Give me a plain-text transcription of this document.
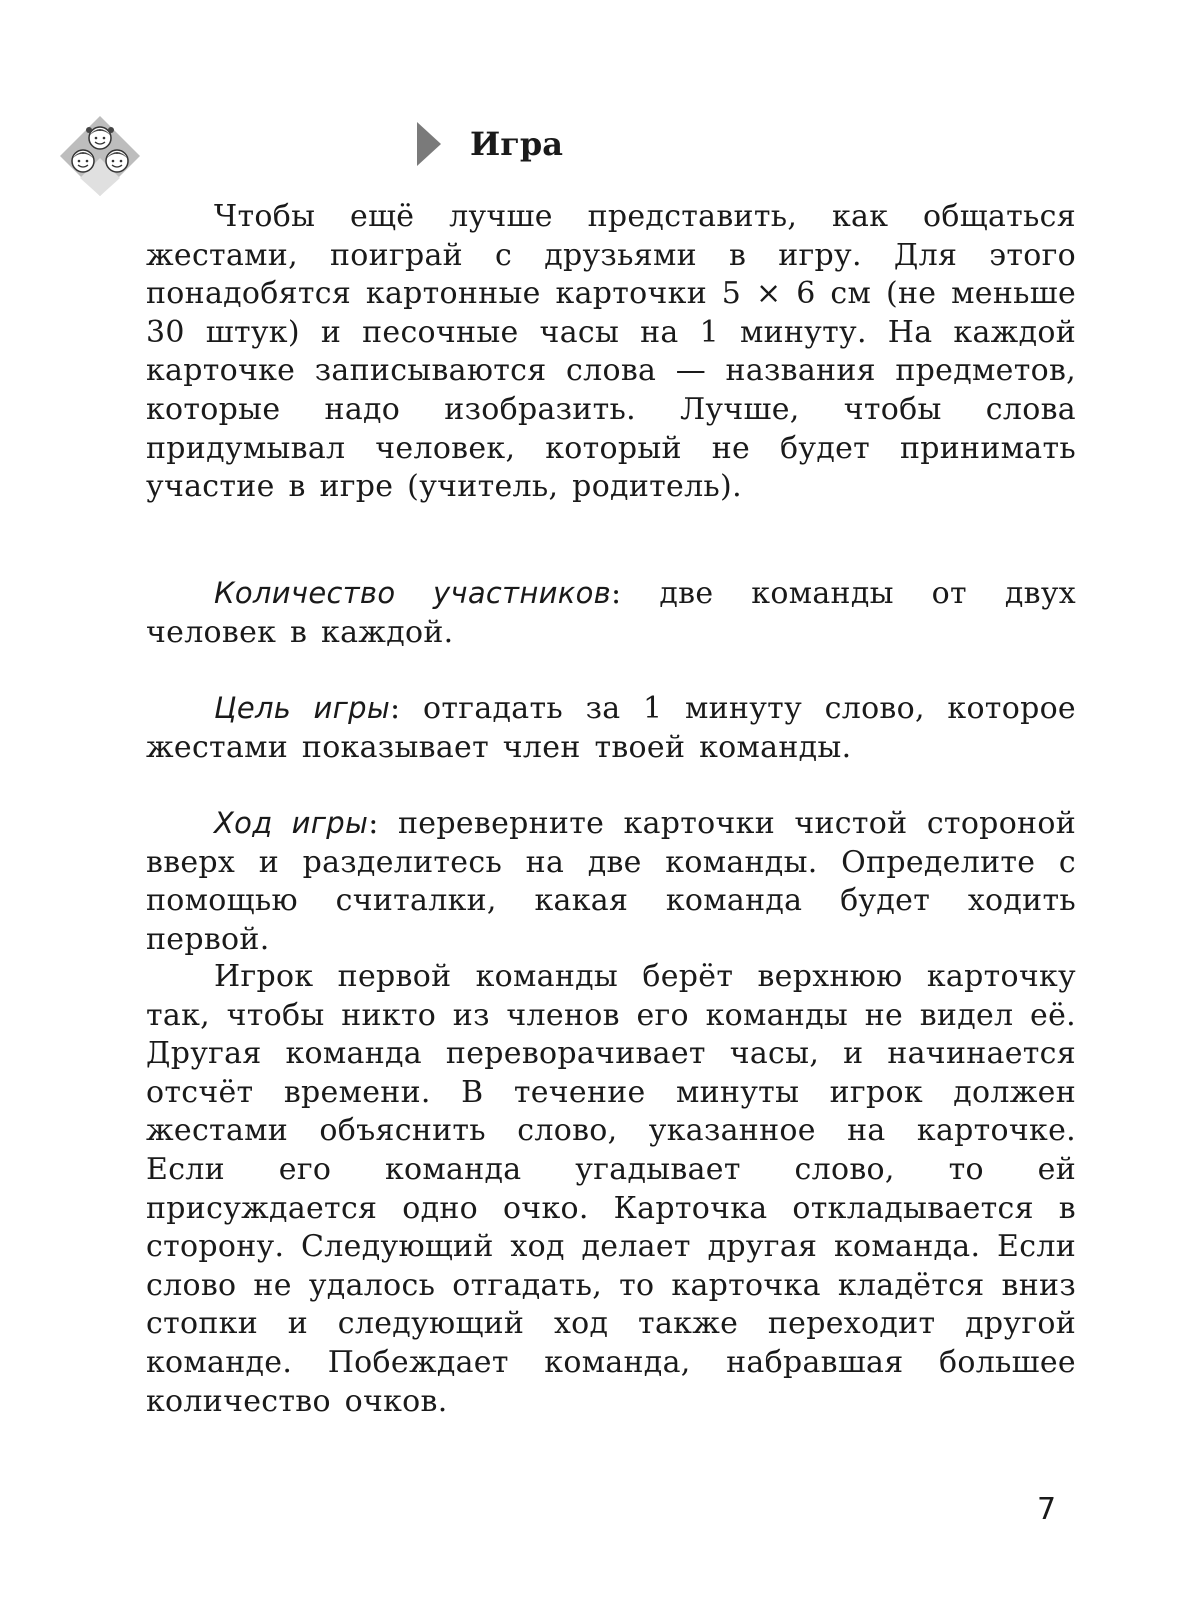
Игра

Чтобы ещё лучше представить, как общаться жестами, поиграй с друзьями в игру. Для этого понадобятся картонные карточки 5 × 6 см (не меньше 30 штук) и песочные часы на 1 минуту. На каждой карточке записываются слова — названия предметов, которые надо изобразить. Лучше, чтобы слова придумывал человек, который не будет принимать участие в игре (учитель, родитель).

Количество участников: две команды от двух человек в каждой.

Цель игры: отгадать за 1 минуту слово, которое жестами показывает член твоей команды.

Ход игры: переверните карточки чистой стороной вверх и разделитесь на две команды. Определите с помощью считалки, какая команда будет ходить первой.

Игрок первой команды берёт верхнюю карточку так, чтобы никто из членов его команды не видел её. Другая команда переворачивает часы, и начинается отсчёт времени. В течение минуты игрок должен жестами объяснить слово, указанное на карточке. Если его команда угадывает слово, то ей присуждается одно очко. Карточка откладывается в сторону. Следующий ход делает другая команда. Если слово не удалось отгадать, то карточка кладётся вниз стопки и следующий ход также переходит другой команде. Побеждает команда, набравшая большее количество очков.

7
